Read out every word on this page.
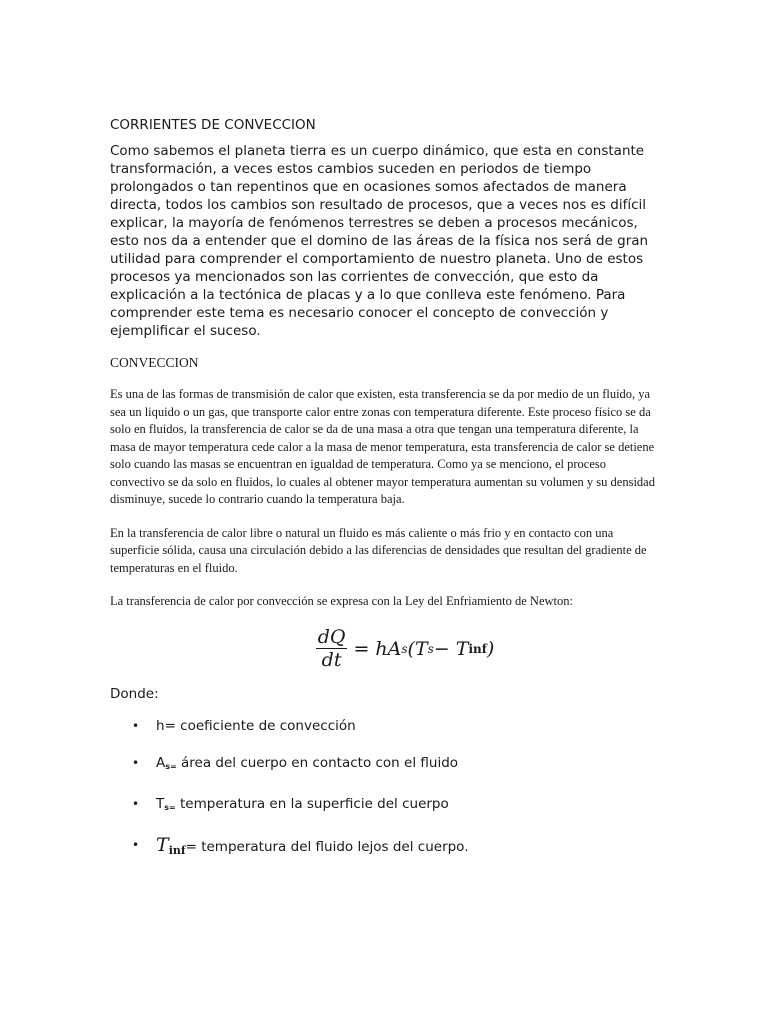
CORRIENTES DE CONVECCION

Como sabemos el planeta tierra es un cuerpo dinámico, que esta en constante transformación, a veces estos cambios suceden en periodos de tiempo prolongados o tan repentinos que en ocasiones somos afectados de manera directa, todos los cambios son resultado de procesos, que a veces nos es difícil explicar, la mayoría de fenómenos terrestres se deben a procesos mecánicos, esto nos da a entender que el domino de las áreas de la física nos será de gran utilidad para comprender el comportamiento de nuestro planeta. Uno de estos procesos ya mencionados son las corrientes de convección, que esto da explicación a la tectónica de placas y a lo que conlleva este fenómeno. Para comprender este tema es necesario conocer el concepto de convección y ejemplificar el suceso.

CONVECCION

Es una de las formas de transmisión de calor que existen, esta transferencia se da por medio de un fluido, ya sea un liquido o un gas, que transporte calor entre zonas con temperatura diferente. Este proceso físico se da solo en fluidos, la transferencia de calor se da de una masa a otra que tengan una temperatura diferente, la masa de mayor temperatura cede calor a la masa de menor temperatura, esta transferencia de calor se detiene solo cuando las masas se encuentran en igualdad de temperatura. Como ya se menciono, el proceso convectivo se da solo en fluidos, lo cuales al obtener mayor temperatura aumentan su volumen y su densidad disminuye, sucede lo contrario cuando la temperatura baja.

En la transferencia de calor libre o natural un fluido es más caliente o más frio y en contacto con una superficie sólida, causa una circulación debido a las diferencias de densidades que resultan del gradiente de temperaturas en el fluido.

La transferencia de calor por convección se expresa con la Ley del Enfriamiento de Newton:

$\frac{dQ}{dt}$ = hA s (T s − T inf )

Donde:

• h= coeficiente de convección
• As= área del cuerpo en contacto con el fluido
• Ts= temperatura en la superficie del cuerpo
• $T_{inf}=$ temperatura del fluido lejos del cuerpo.
